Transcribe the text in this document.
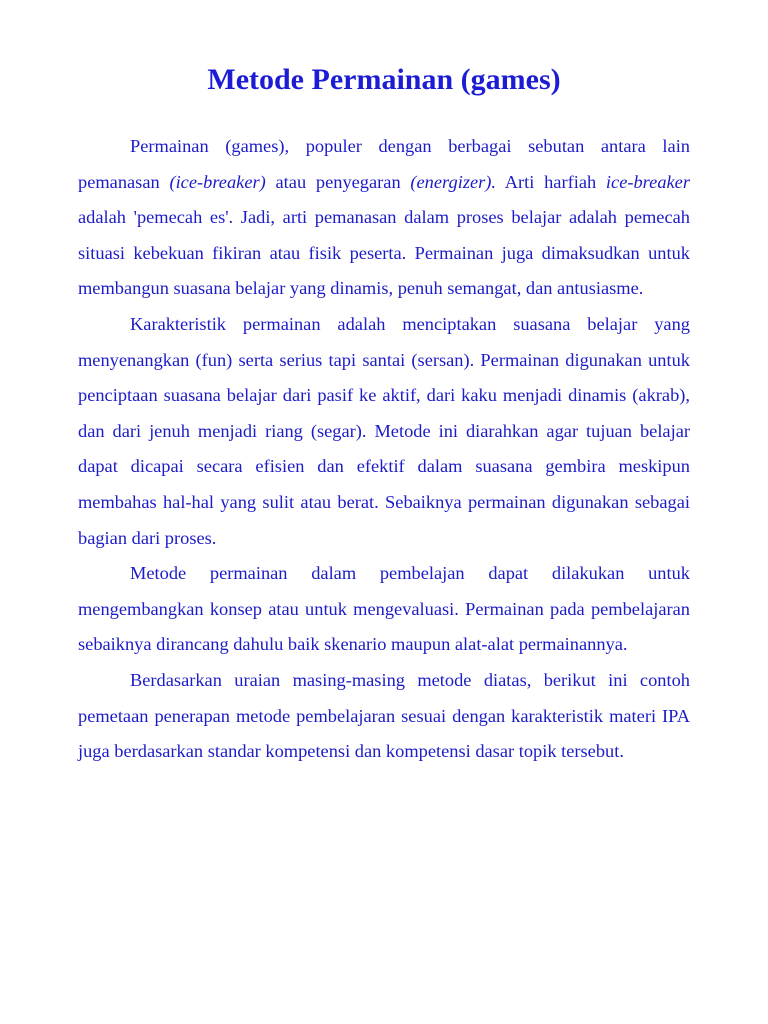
Metode Permainan (games)

Permainan (games), populer dengan berbagai sebutan antara lain pemanasan (ice-breaker) atau penyegaran (energizer). Arti harfiah ice-breaker adalah 'pemecah es'. Jadi, arti pemanasan dalam proses belajar adalah pemecah situasi kebekuan fikiran atau fisik peserta. Permainan juga dimaksudkan untuk membangun suasana belajar yang dinamis, penuh semangat, dan antusiasme.

Karakteristik permainan adalah menciptakan suasana belajar yang menyenangkan (fun) serta serius tapi santai (sersan). Permainan digunakan untuk penciptaan suasana belajar dari pasif ke aktif, dari kaku menjadi dinamis (akrab), dan dari jenuh menjadi riang (segar). Metode ini diarahkan agar tujuan belajar dapat dicapai secara efisien dan efektif dalam suasana gembira meskipun membahas hal-hal yang sulit atau berat. Sebaiknya permainan digunakan sebagai bagian dari proses.

Metode permainan dalam pembelajan dapat dilakukan untuk mengembangkan konsep atau untuk mengevaluasi. Permainan pada pembelajaran sebaiknya dirancang dahulu baik skenario maupun alat-alat permainannya.

Berdasarkan uraian masing-masing metode diatas, berikut ini contoh pemetaan penerapan metode pembelajaran sesuai dengan karakteristik materi IPA juga berdasarkan standar kompetensi dan kompetensi dasar topik tersebut.
